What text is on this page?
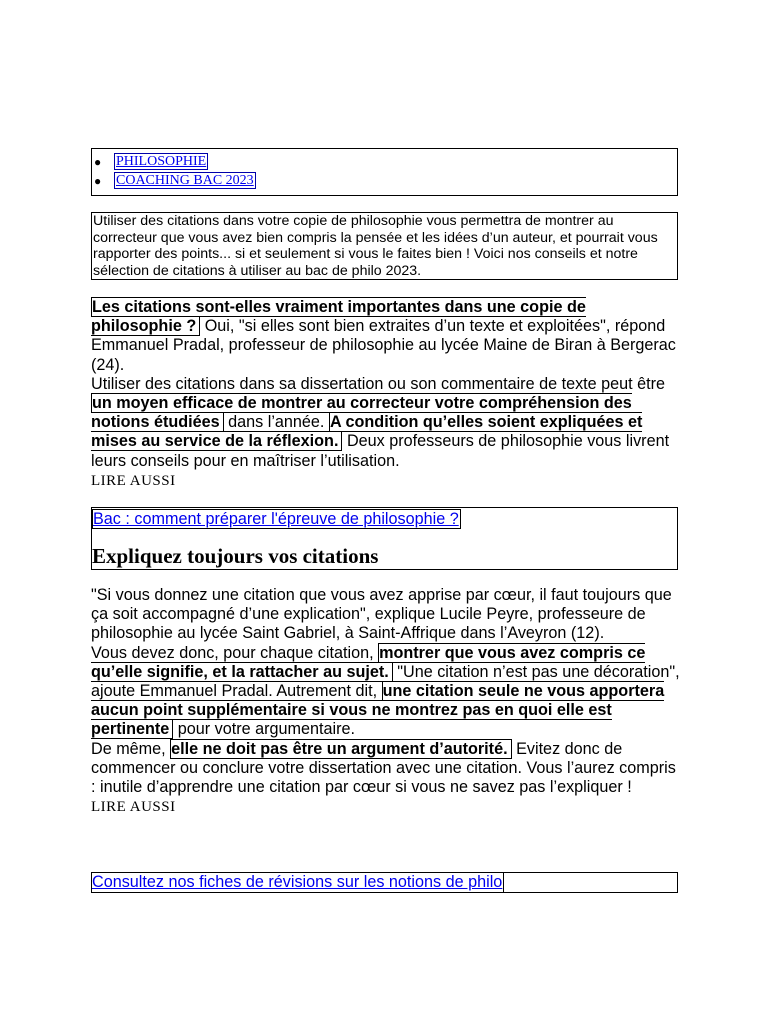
● PHILOSOPHIE
● COACHING BAC 2023
Utiliser des citations dans votre copie de philosophie vous permettra de montrer au correcteur que vous avez bien compris la pensée et les idées d’un auteur, et pourrait vous rapporter des points... si et seulement si vous le faites bien ! Voici nos conseils et notre sélection de citations à utiliser au bac de philo 2023.
Les citations sont-elles vraiment importantes dans une copie de philosophie ? Oui, "si elles sont bien extraites d’un texte et exploitées", répond Emmanuel Pradal, professeur de philosophie au lycée Maine de Biran à Bergerac (24).
Utiliser des citations dans sa dissertation ou son commentaire de texte peut être un moyen efficace de montrer au correcteur votre compréhension des notions étudiées dans l’année. A condition qu’elles soient expliquées et mises au service de la réflexion. Deux professeurs de philosophie vous livrent leurs conseils pour en maîtriser l’utilisation.
LIRE AUSSI
Bac : comment préparer l'épreuve de philosophie ?
Expliquez toujours vos citations
"Si vous donnez une citation que vous avez apprise par cœur, il faut toujours que ça soit accompagné d’une explication", explique Lucile Peyre, professeure de philosophie au lycée Saint Gabriel, à Saint-Affrique dans l’Aveyron (12).
Vous devez donc, pour chaque citation, montrer que vous avez compris ce qu’elle signifie, et la rattacher au sujet. "Une citation n’est pas une décoration", ajoute Emmanuel Pradal. Autrement dit, une citation seule ne vous apportera aucun point supplémentaire si vous ne montrez pas en quoi elle est pertinente pour votre argumentaire.
De même, elle ne doit pas être un argument d’autorité. Evitez donc de commencer ou conclure votre dissertation avec une citation. Vous l’aurez compris : inutile d’apprendre une citation par cœur si vous ne savez pas l’expliquer !
LIRE AUSSI
Consultez nos fiches de révisions sur les notions de philo
